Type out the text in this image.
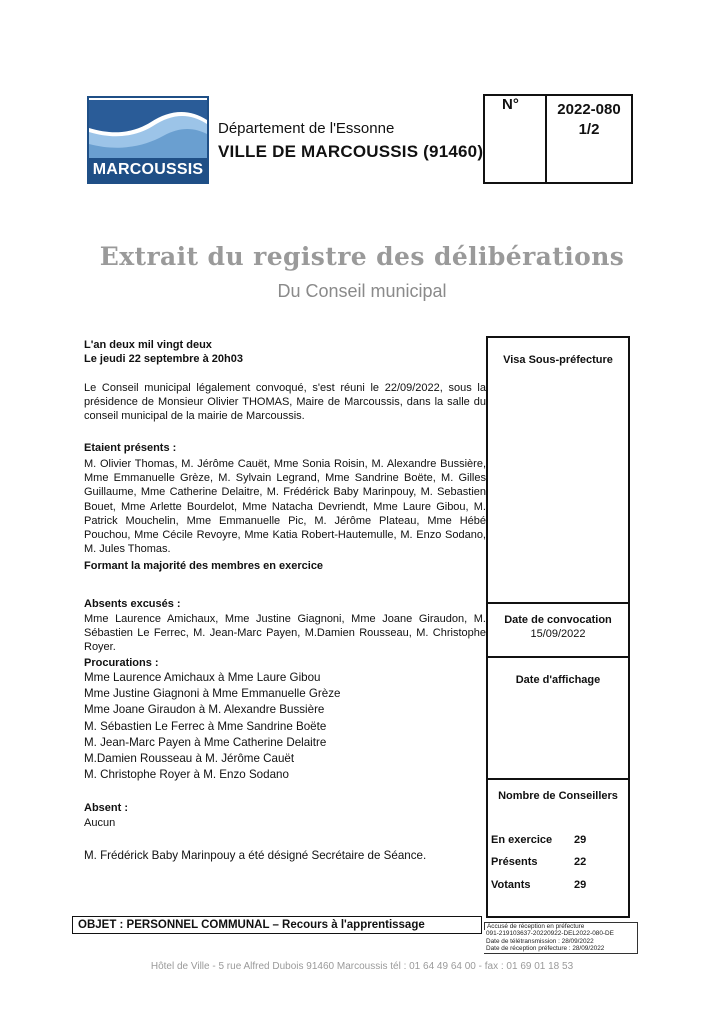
MARCOUSSIS
Département de l'Essonne
VILLE DE MARCOUSSIS (91460)
N°	2022-080
1/2
Extrait du registre des délibérations
Du Conseil municipal
L'an deux mil vingt deux
Le jeudi 22 septembre à 20h03
Le Conseil municipal légalement convoqué, s'est réuni le 22/09/2022, sous la présidence de Monsieur Olivier THOMAS, Maire de Marcoussis, dans la salle du conseil municipal de la mairie de Marcoussis.
Etaient présents :
M. Olivier Thomas, M. Jérôme Cauët, Mme Sonia Roisin, M. Alexandre Bussière, Mme Emmanuelle Grèze, M. Sylvain Legrand, Mme Sandrine Boëte, M. Gilles Guillaume, Mme Catherine Delaitre, M. Frédérick Baby Marinpouy, M. Sebastien Bouet, Mme Arlette Bourdelot, Mme Natacha Devriendt, Mme Laure Gibou, M. Patrick Mouchelin, Mme Emmanuelle Pic, M. Jérôme Plateau, Mme Hébé Pouchou, Mme Cécile Revoyre, Mme Katia Robert-Hautemulle, M. Enzo Sodano, M. Jules Thomas.
Formant la majorité des membres en exercice
Absents excusés :
Mme Laurence Amichaux, Mme Justine Giagnoni, Mme Joane Giraudon, M. Sébastien Le Ferrec, M. Jean-Marc Payen, M.Damien Rousseau, M. Christophe Royer.
Procurations :
Mme Laurence Amichaux à Mme Laure Gibou
Mme Justine Giagnoni à Mme Emmanuelle Grèze
Mme Joane Giraudon à M. Alexandre Bussière
M. Sébastien Le Ferrec à Mme Sandrine Boëte
M. Jean-Marc Payen à Mme Catherine Delaitre
M.Damien Rousseau à M. Jérôme Cauët
M. Christophe Royer à M. Enzo Sodano
Absent :
Aucun
M. Frédérick Baby Marinpouy a été désigné Secrétaire de Séance.
Visa Sous-préfecture
Date de convocation
15/09/2022
Date d'affichage
Nombre de Conseillers
En exercice 29
Présents	22
Votants	29
OBJET : PERSONNEL COMMUNAL – Recours à l'apprentissage	Accusé de réception en préfecture
091-219103637-20220922-DEL2022-080-DE
Date de télétransmission : 28/09/2022
Date de réception préfecture : 28/09/2022
Hôtel de Ville - 5 rue Alfred Dubois 91460 Marcoussis tél : 01 64 49 64 00 - fax : 01 69 01 18 53
